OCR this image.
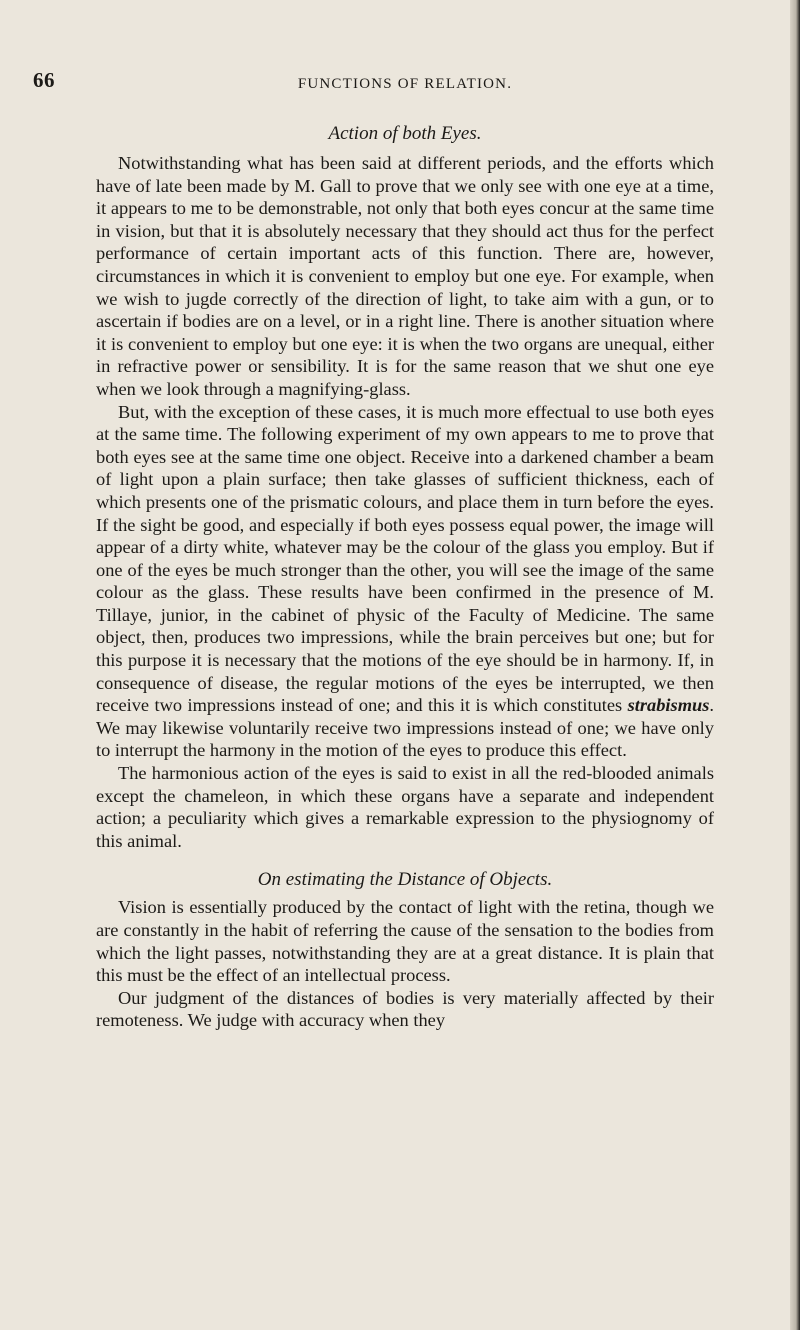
66	FUNCTIONS OF RELATION.
Action of both Eyes.

Notwithstanding what has been said at different periods, and the efforts which have of late been made by M. Gall to prove that we only see with one eye at a time, it appears to me to be demonstrable, not only that both eyes concur at the same time in vision, but that it is absolutely necessary that they should act thus for the perfect performance of certain important acts of this function. There are, however, circumstances in which it is convenient to employ but one eye. For example, when we wish to jugde correctly of the direction of light, to take aim with a gun, or to ascertain if bodies are on a level, or in a right line. There is another situation where it is convenient to employ but one eye: it is when the two organs are unequal, either in refractive power or sensibility. It is for the same reason that we shut one eye when we look through a magnifying-glass.

But, with the exception of these cases, it is much more effectual to use both eyes at the same time. The following experiment of my own appears to me to prove that both eyes see at the same time one object. Receive into a darkened chamber a beam of light upon a plain surface; then take glasses of sufficient thickness, each of which presents one of the prismatic colours, and place them in turn before the eyes. If the sight be good, and especially if both eyes possess equal power, the image will appear of a dirty white, whatever may be the colour of the glass you employ. But if one of the eyes be much stronger than the other, you will see the image of the same colour as the glass. These results have been confirmed in the presence of M. Tillaye, junior, in the cabinet of physic of the Faculty of Medicine. The same object, then, produces two impressions, while the brain perceives but one; but for this purpose it is necessary that the motions of the eye should be in harmony. If, in consequence of disease, the regular motions of the eyes be interrupted, we then receive two impressions instead of one; and this it is which constitutes strabismus. We may likewise voluntarily receive two impressions instead of one; we have only to interrupt the harmony in the motion of the eyes to produce this effect.

The harmonious action of the eyes is said to exist in all the red-blooded animals except the chameleon, in which these organs have a separate and independent action; a peculiarity which gives a remarkable expression to the physiognomy of this animal.

On estimating the Distance of Objects.

Vision is essentially produced by the contact of light with the retina, though we are constantly in the habit of referring the cause of the sensation to the bodies from which the light passes, notwithstanding they are at a great distance. It is plain that this must be the effect of an intellectual process.

Our judgment of the distances of bodies is very materially affected by their remoteness. We judge with accuracy when they
